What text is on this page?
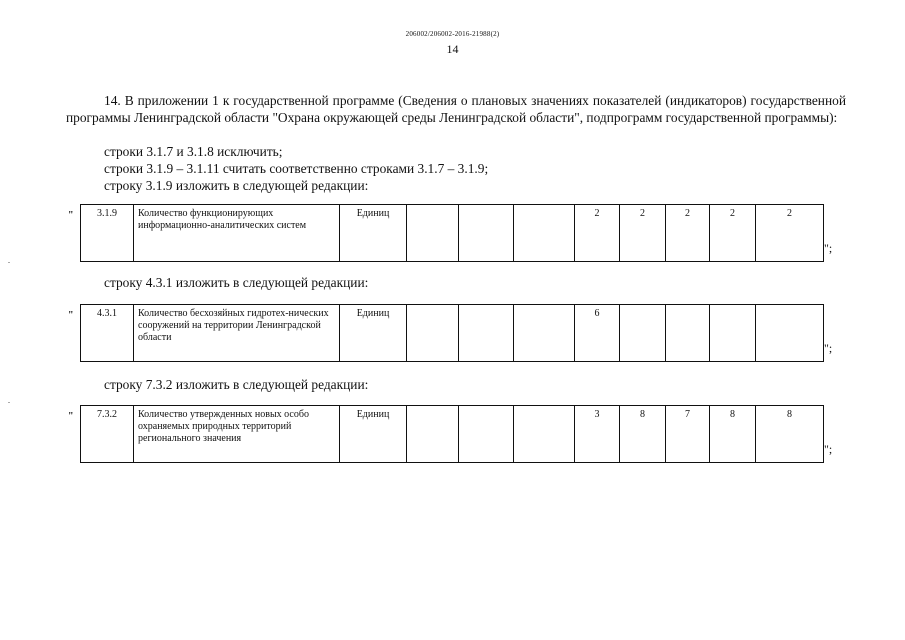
206002/206002-2016-21988(2)
14
14. В приложении 1 к государственной программе (Сведения о плановых значениях показателей (индикаторов) государственной программы Ленинградской области "Охрана окружающей среды Ленинградской области", подпрограмм государственной программы):
строки 3.1.7 и 3.1.8 исключить;
строки 3.1.9 – 3.1.11 считать соответственно строками 3.1.7 – 3.1.9;
строку 3.1.9 изложить в следующей редакции:
" 3.1.9	Количество функционирующих информационно-аналитических систем	Единиц				2	2	2	2	2
";
строку 4.3.1 изложить в следующей редакции:
" 4.3.1	Количество бесхозяйных гидротех-нических сооружений на территории Ленинградской области	Единиц				6				
";
строку 7.3.2 изложить в следующей редакции:
" 7.3.2	Количество утвержденных новых особо охраняемых природных территорий регионального значения	Единиц				3	8	7	8	8
";
